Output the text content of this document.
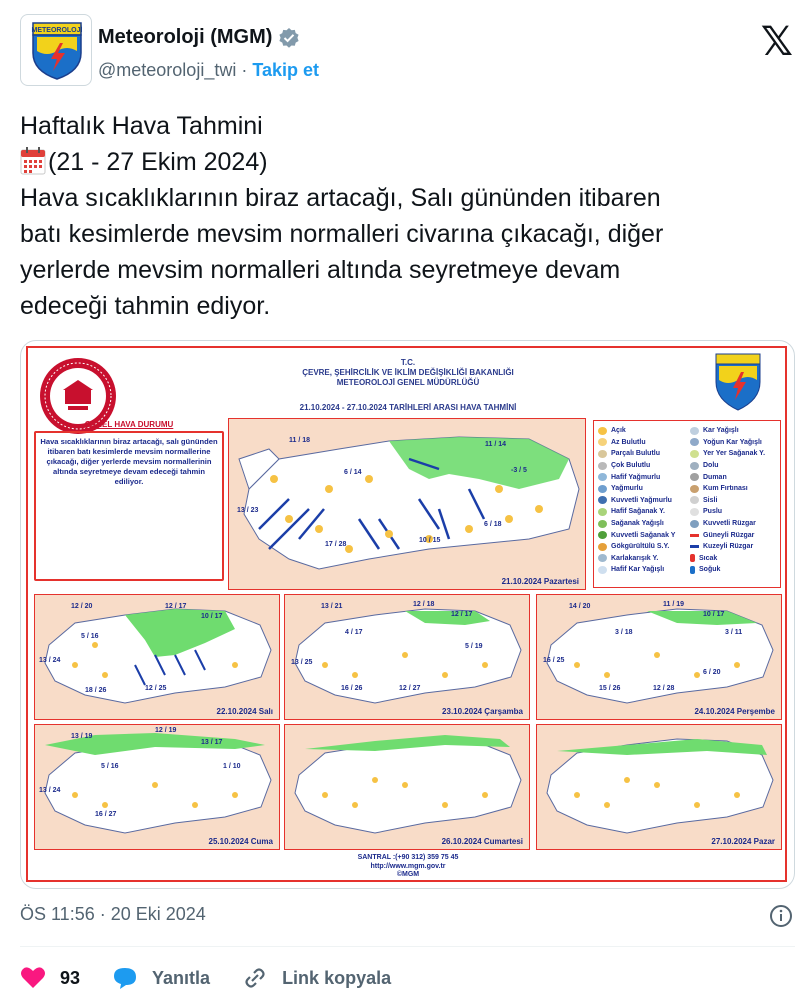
METEOROLOJİ Meteoroloji (MGM)
@meteoroloji_twi · Takip et
𝕏

Haftalık Hava Tahmini

(21 - 27 Ekim 2024)

Hava sıcaklıklarının biraz artacağı, Salı gününden itibaren

batı kesimlerde mevsim normalleri civarına çıkacağı, diğer

yerlerde mevsim normalleri altında seyretmeye devam

edeceği tahmin ediyor.

T.C.
ÇEVRE, ŞEHİRCİLİK VE İKLİM DEĞİŞİKLİĞİ BAKANLIĞI
METEOROLOJİ GENEL MÜDÜRLÜĞÜ
21.10.2024 - 27.10.2024 TARİHLERİ ARASI HAVA TAHMİNİ
GENEL HAVA DURUMU
Hava sıcaklıklarının biraz artacağı, salı gününden itibaren batı kesimlerde mevsim normallerine çıkacağı, diğer yerlerde mevsim normallerinin altında seyretmeye devam edeceği tahmin ediliyor.
11 / 18
6 / 14
13 / 23
17 / 28
10 / 15
6 / 18
-3 / 5
11 / 14
21.10.2024 Pazartesi
Açık
Az Bulutlu
Parçalı Bulutlu
Çok Bulutlu
Hafif Yağmurlu
Yağmurlu
Kuvvetli Yağmurlu
Hafif Sağanak Y.
Sağanak Yağışlı
Kuvvetli Sağanak Y
Gökgürültülü S.Y.
Karlakarışık Y.
Hafif Kar Yağışlı
Kar Yağışlı
Yoğun Kar Yağışlı
Yer Yer Sağanak Y.
Dolu
Duman
Kum Fırtınası
Sisli
Puslu
Kuvvetli Rüzgar
Güneyli Rüzgar
Kuzeyli Rüzgar
Sıcak
Soğuk
12 / 20	12 / 17
10 / 17
5 / 16
13 / 24
18 / 26	12 / 25
22.10.2024 Salı
13 / 21	12 / 18
12 / 17
4 / 17
5 / 19
13 / 25
16 / 26	12 / 27
23.10.2024 Çarşamba
14 / 20	11 / 19
10 / 17
3 / 18	3 / 11
16 / 25
15 / 26	12 / 28
6 / 20
24.10.2024 Perşembe
13 / 19
12 / 19
13 / 17
5 / 16	1 / 10
13 / 24
16 / 27
25.10.2024 Cuma	26.10.2024 Cumartesi	27.10.2024 Pazar
SANTRAL :(+90 312) 359 75 45
http://www.mgm.gov.tr
©MGM
ÖS 11:56 · 20 Eki 2024
93	Yanıtla	Link kopyala
